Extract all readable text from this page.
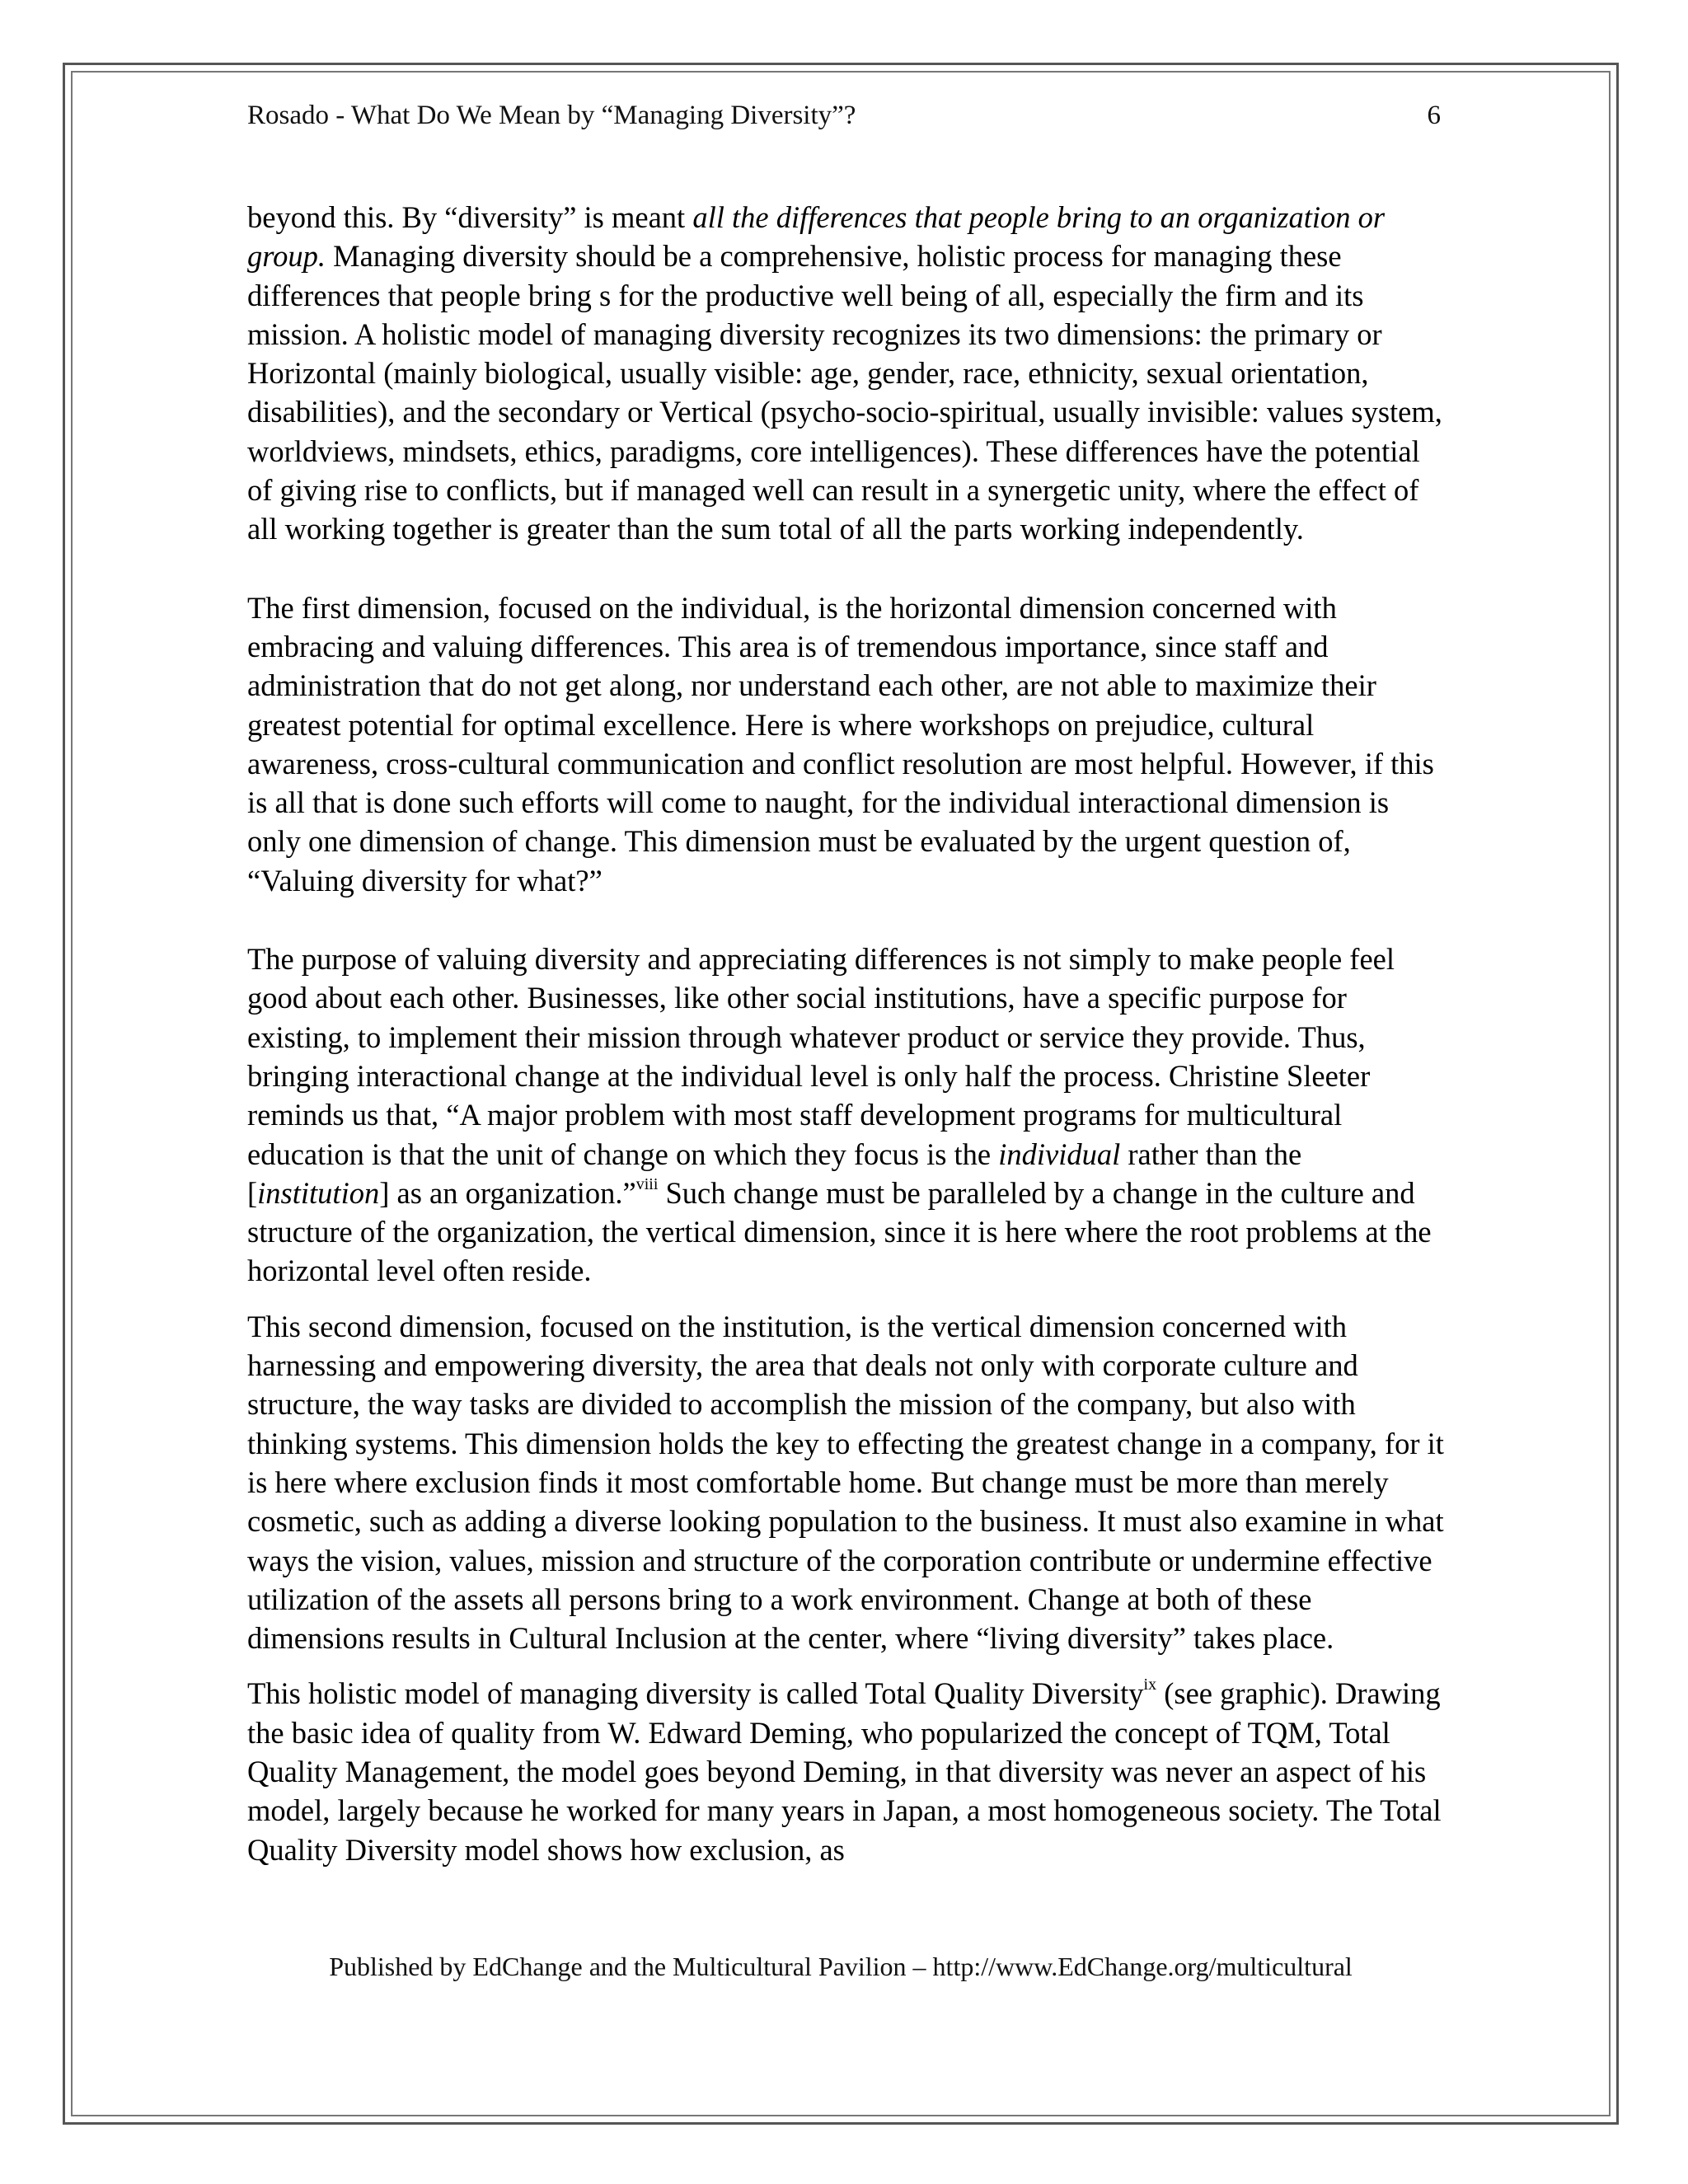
Rosado - What Do We Mean by “Managing Diversity”?	6

beyond this. By “diversity” is meant all the differences that people bring to an organization or group. Managing diversity should be a comprehensive, holistic process for managing these differences that people bring s for the productive well being of all, especially the firm and its mission. A holistic model of managing diversity recognizes its two dimensions: the primary or Horizontal (mainly biological, usually visible: age, gender, race, ethnicity, sexual orientation, disabilities), and the secondary or Vertical (psycho-socio-spiritual, usually invisible: values system, worldviews, mindsets, ethics, paradigms, core intelligences). These differences have the potential of giving rise to conflicts, but if managed well can result in a synergetic unity, where the effect of all working together is greater than the sum total of all the parts working independently.

The first dimension, focused on the individual, is the horizontal dimension concerned with embracing and valuing differences. This area is of tremendous importance, since staff and administration that do not get along, nor understand each other, are not able to maximize their greatest potential for optimal excellence. Here is where workshops on prejudice, cultural awareness, cross-cultural communication and conflict resolution are most helpful. However, if this is all that is done such efforts will come to naught, for the individual interactional dimension is only one dimension of change. This dimension must be evaluated by the urgent question of, “Valuing diversity for what?”

The purpose of valuing diversity and appreciating differences is not simply to make people feel good about each other. Businesses, like other social institutions, have a specific purpose for existing, to implement their mission through whatever product or service they provide. Thus, bringing interactional change at the individual level is only half the process. Christine Sleeter reminds us that, “A major problem with most staff development programs for multicultural education is that the unit of change on which they focus is the individual rather than the [institution] as an organization.”$^{viii}$ Such change must be paralleled by a change in the culture and structure of the organization, the vertical dimension, since it is here where the root problems at the horizontal level often reside.

This second dimension, focused on the institution, is the vertical dimension concerned with harnessing and empowering diversity, the area that deals not only with corporate culture and structure, the way tasks are divided to accomplish the mission of the company, but also with thinking systems. This dimension holds the key to effecting the greatest change in a company, for it is here where exclusion finds it most comfortable home. But change must be more than merely cosmetic, such as adding a diverse looking population to the business. It must also examine in what ways the vision, values, mission and structure of the corporation contribute or undermine effective utilization of the assets all persons bring to a work environment. Change at both of these dimensions results in Cultural Inclusion at the center, where “living diversity” takes place.

This holistic model of managing diversity is called Total Quality Diversity$^{ix}$ (see graphic). Drawing the basic idea of quality from W. Edward Deming, who popularized the concept of TQM, Total Quality Management, the model goes beyond Deming, in that diversity was never an aspect of his model, largely because he worked for many years in Japan, a most homogeneous society. The Total Quality Diversity model shows how exclusion, as

Published by EdChange and the Multicultural Pavilion – http://www.EdChange.org/multicultural
